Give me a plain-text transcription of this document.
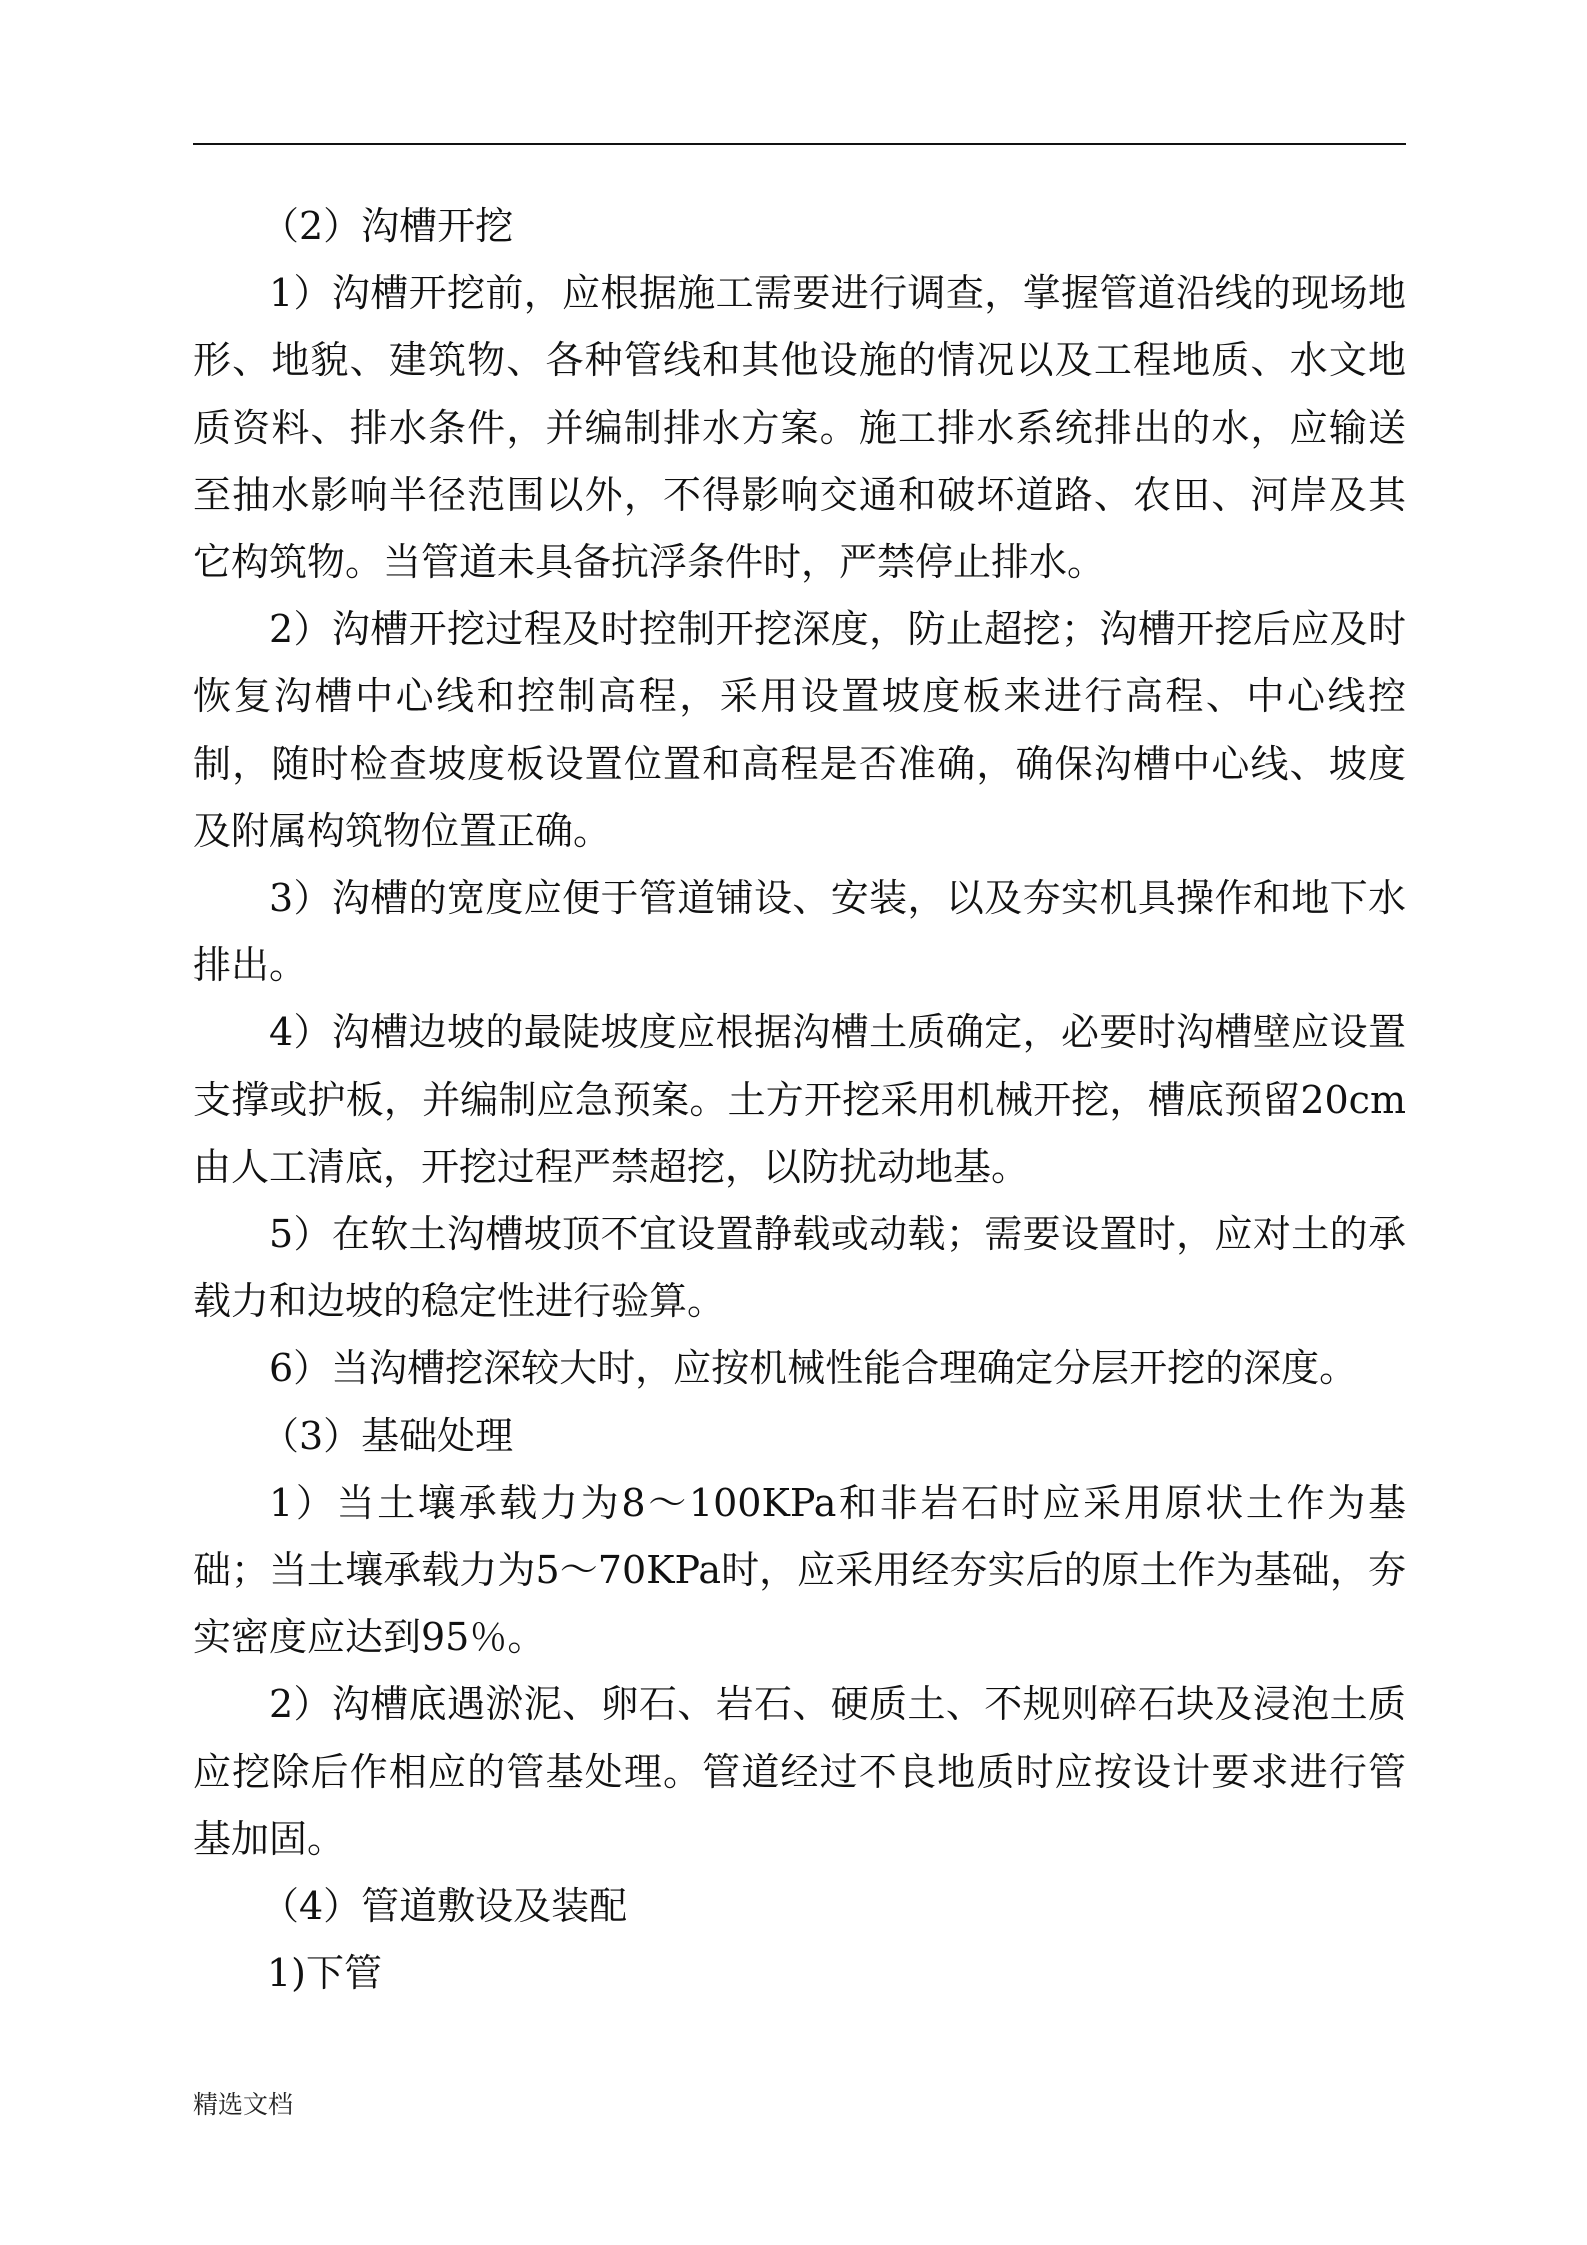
（2）沟槽开挖

1）沟槽开挖前，应根据施工需要进行调查，掌握管道沿线的现场地形、地貌、建筑物、各种管线和其他设施的情况以及工程地质、水文地质资料、排水条件，并编制排水方案。施工排水系统排出的水，应输送至抽水影响半径范围以外，不得影响交通和破坏道路、农田、河岸及其它构筑物。当管道未具备抗浮条件时，严禁停止排水。

2）沟槽开挖过程及时控制开挖深度，防止超挖；沟槽开挖后应及时恢复沟槽中心线和控制高程，采用设置坡度板来进行高程、中心线控制，随时检查坡度板设置位置和高程是否准确，确保沟槽中心线、坡度及附属构筑物位置正确。

3）沟槽的宽度应便于管道铺设、安装，以及夯实机具操作和地下水排出。

4）沟槽边坡的最陡坡度应根据沟槽土质确定，必要时沟槽壁应设置支撑或护板，并编制应急预案。土方开挖采用机械开挖，槽底预留20cm由人工清底，开挖过程严禁超挖，以防扰动地基。

5）在软土沟槽坡顶不宜设置静载或动载；需要设置时，应对土的承载力和边坡的稳定性进行验算。

6）当沟槽挖深较大时，应按机械性能合理确定分层开挖的深度。

（3）基础处理

1）当土壤承载力为8～100KPa和非岩石时应采用原状土作为基础；当土壤承载力为5～70KPa时，应采用经夯实后的原土作为基础，夯实密度应达到95％。

2）沟槽底遇淤泥、卵石、岩石、硬质土、不规则碎石块及浸泡土质应挖除后作相应的管基处理。管道经过不良地质时应按设计要求进行管基加固。

（4）管道敷设及装配

1)下管

精选文档
